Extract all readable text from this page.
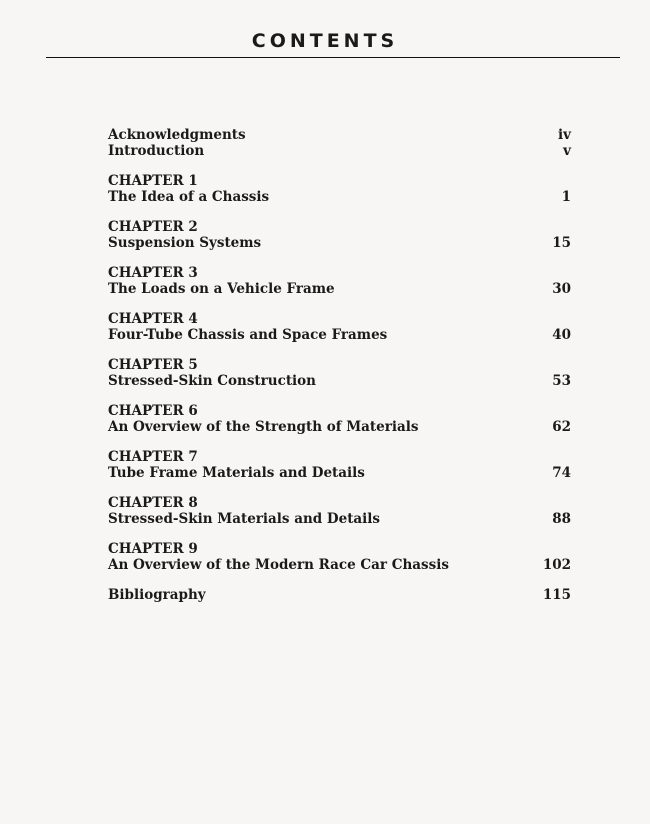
CONTENTS
Acknowledgments	iv
Introduction	v
CHAPTER 1
The Idea of a Chassis	1
CHAPTER 2
Suspension Systems	15
CHAPTER 3
The Loads on a Vehicle Frame	30
CHAPTER 4
Four-Tube Chassis and Space Frames	40
CHAPTER 5
Stressed-Skin Construction	53
CHAPTER 6
An Overview of the Strength of Materials	62
CHAPTER 7
Tube Frame Materials and Details	74
CHAPTER 8
Stressed-Skin Materials and Details	88
CHAPTER 9
An Overview of the Modern Race Car Chassis	102
Bibliography	115
